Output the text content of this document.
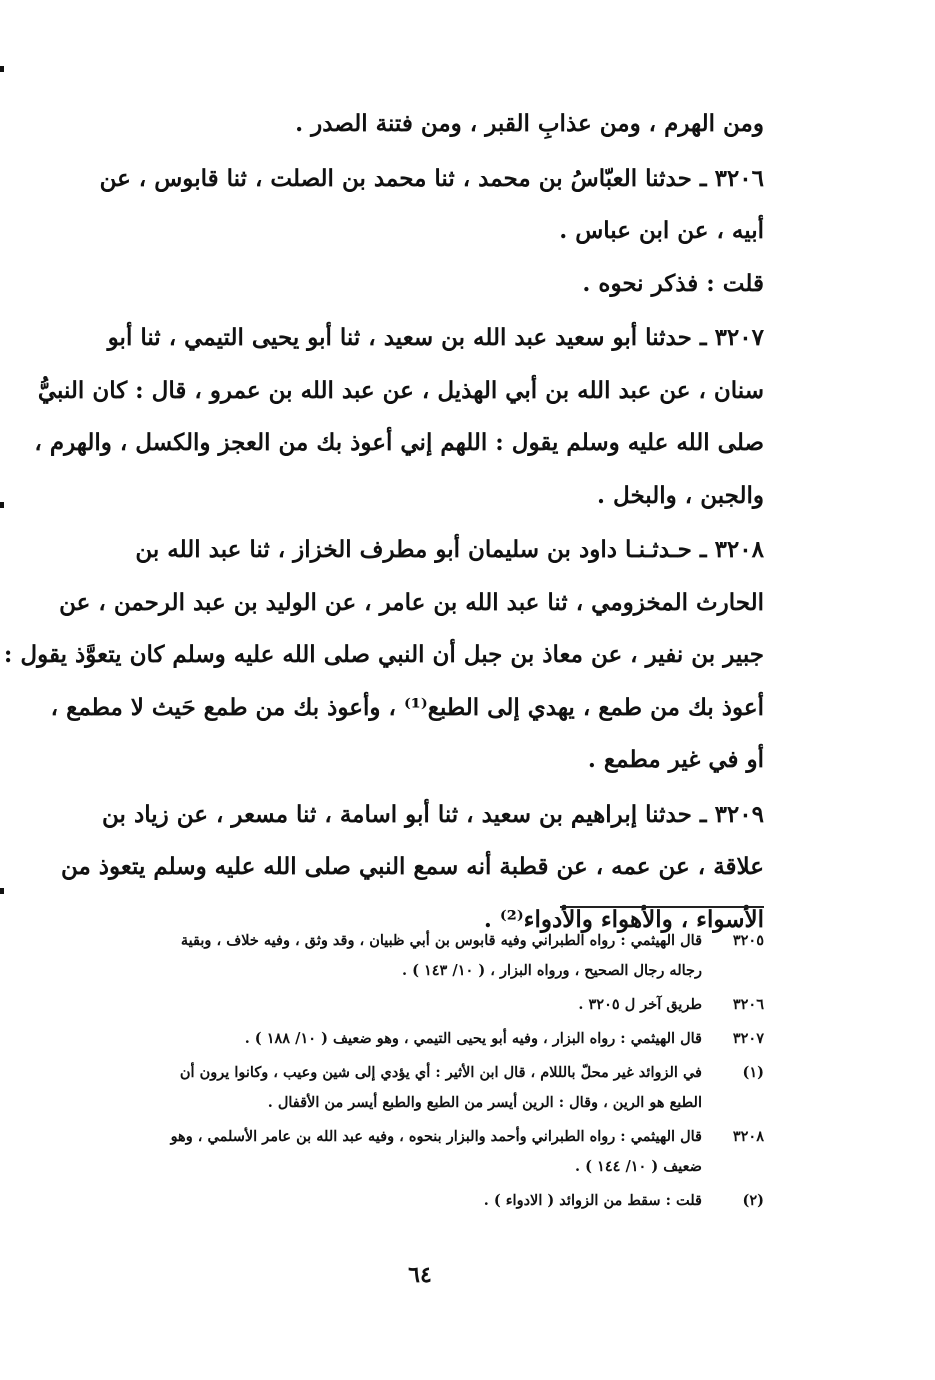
ومن الهرم ، ومن عذابِ القبر ، ومن فتنة الصدر .
٣٢٠٦ ـ حدثنا العبّاسُ بن محمد ، ثنا محمد بن الصلت ، ثنا قابوس ، عن
أبيه ، عن ابن عباس .
قلت : فذكر نحوه .
٣٢٠٧ ـ حدثنا أبو سعيد عبد الله بن سعيد ، ثنا أبو يحيى التيمي ، ثنا أبو
سنان ، عن عبد الله بن أبي الهذيل ، عن عبد الله بن عمرو ، قال : كان النبيُّ
صلى الله عليه وسلم يقول : اللهم إني أعوذ بك من العجز والكسل ، والهرم ،
والجبن ، والبخل .
٣٢٠٨ ـ حـدثـنـا داود بن سليمان أبو مطرف الخزاز ، ثنا عبد الله بن
الحارث المخزومي ، ثنا عبد الله بن عامر ، عن الوليد بن عبد الرحمن ، عن
جبير بن نفير ، عن معاذ بن جبل أن النبي صلى الله عليه وسلم كان يتعوَّذ يقول :
أعوذ بك من طمع ، يهدي إلى الطبع⁽¹⁾ ، وأعوذ بك من طمع حَيث لا مطمع ،
أو في غير مطمع .
٣٢٠٩ ـ حدثنا إبراهيم بن سعيد ، ثنا أبو اسامة ، ثنا مسعر ، عن زياد بن
علاقة ، عن عمه ، عن قطبة أنه سمع النبي صلى الله عليه وسلم يتعوذ من
الأسواء ، والأهواء والأدواء⁽²⁾ .
٣٢٠٥
قال الهيثمي : رواه الطبراني وفيه قابوس بن أبي ظبيان ، وقد وثق ، وفيه خلاف ، وبقية
رجاله رجال الصحيح ، ورواه البزار ، ( ١٠/ ١٤٣ ) .
٣٢٠٦
طريق آخر ل ٣٢٠٥ .
٣٢٠٧
قال الهيثمي : رواه البزار ، وفيه أبو يحيى التيمي ، وهو ضعيف ( ١٠/ ١٨٨ ) .
(١)
في الزوائد غير محلّ بالللام ، قال ابن الأثير : أي يؤدي إلى شين وعيب ، وكانوا يرون أن
الطبع هو الرين ، وقال : الرين أيسر من الطبع والطبع أيسر من الأقفال .
٣٢٠٨
قال الهيثمي : رواه الطبراني وأحمد والبزار بنحوه ، وفيه عبد الله بن عامر الأسلمي ، وهو
ضعيف ( ١٠/ ١٤٤ ) .
(٢)
قلت : سقط من الزوائد ( الادواء ) .
٦٤
